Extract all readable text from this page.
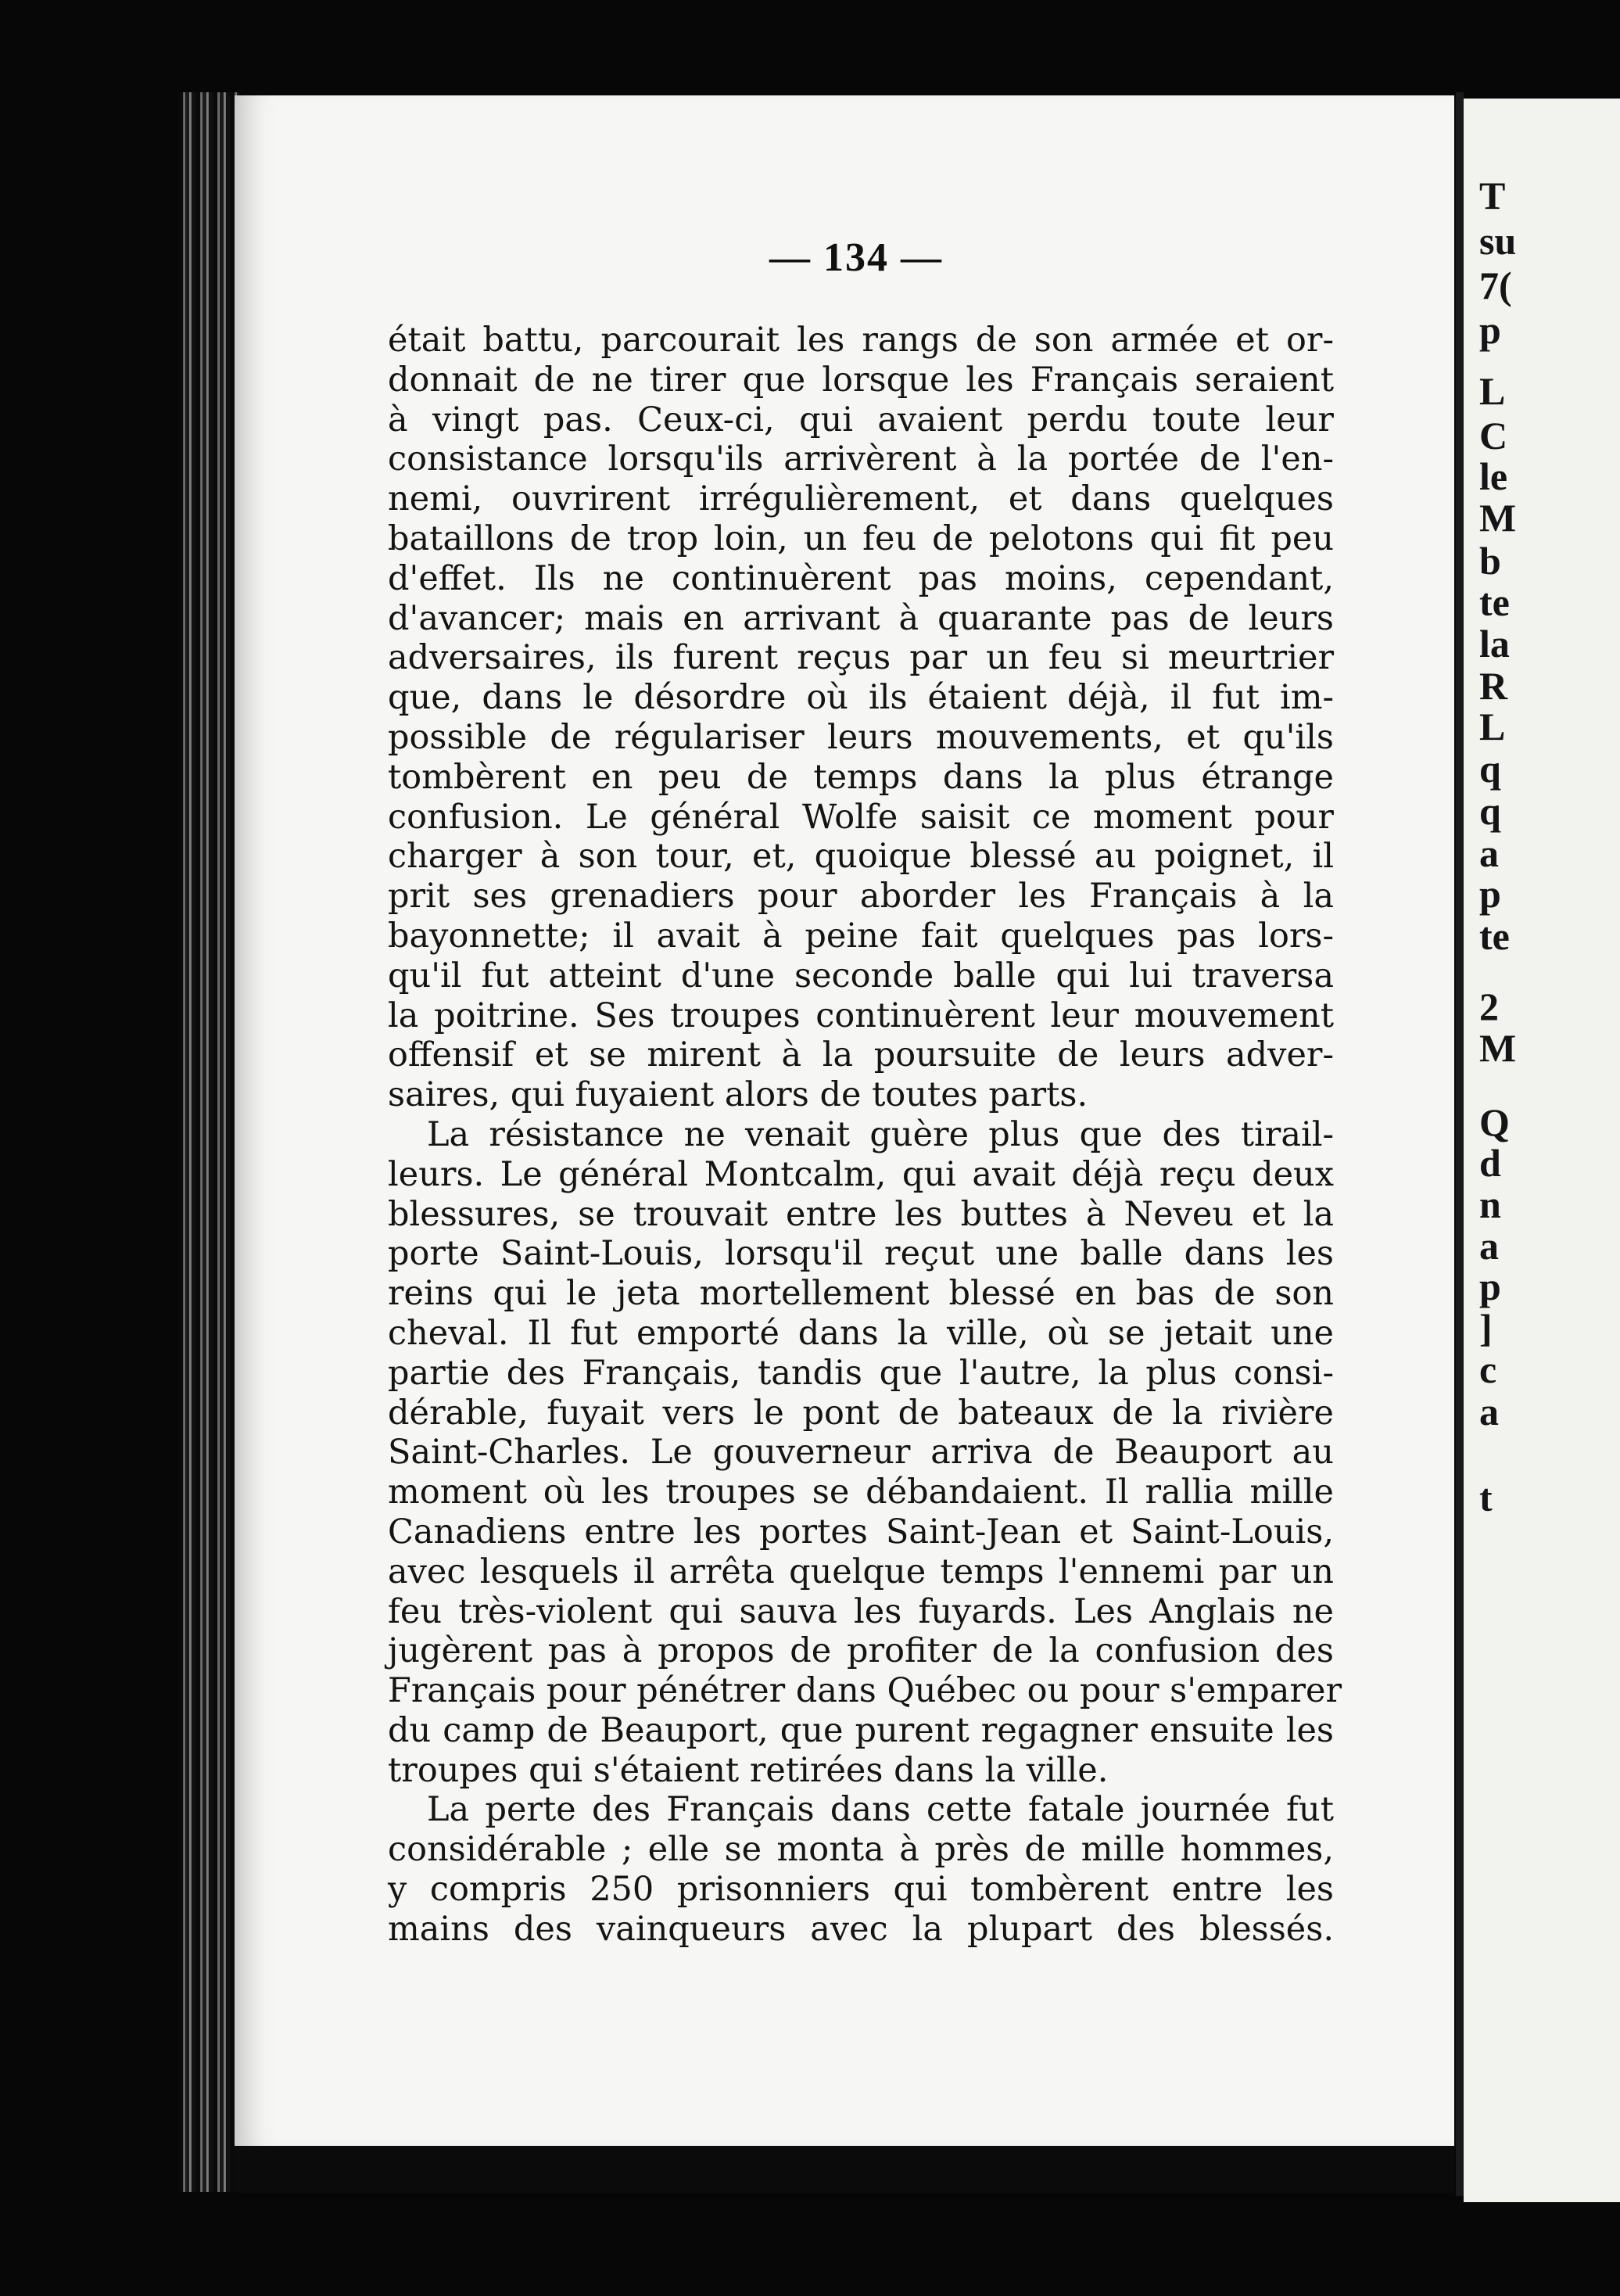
— 134 —
était battu, parcourait les rangs de son armée et or-
donnait de ne tirer que lorsque les Français seraient
à vingt pas. Ceux-ci, qui avaient perdu toute leur
consistance lorsqu'ils arrivèrent à la portée de l'en-
nemi, ouvrirent irrégulièrement, et dans quelques
bataillons de trop loin, un feu de pelotons qui fit peu
d'effet. Ils ne continuèrent pas moins, cependant,
d'avancer; mais en arrivant à quarante pas de leurs
adversaires, ils furent reçus par un feu si meurtrier
que, dans le désordre où ils étaient déjà, il fut im-
possible de régulariser leurs mouvements, et qu'ils
tombèrent en peu de temps dans la plus étrange
confusion. Le général Wolfe saisit ce moment pour
charger à son tour, et, quoique blessé au poignet, il
prit ses grenadiers pour aborder les Français à la
bayonnette; il avait à peine fait quelques pas lors-
qu'il fut atteint d'une seconde balle qui lui traversa
la poitrine. Ses troupes continuèrent leur mouvement
offensif et se mirent à la poursuite de leurs adver-
saires, qui fuyaient alors de toutes parts.
La résistance ne venait guère plus que des tirail-
leurs. Le général Montcalm, qui avait déjà reçu deux
blessures, se trouvait entre les buttes à Neveu et la
porte Saint-Louis, lorsqu'il reçut une balle dans les
reins qui le jeta mortellement blessé en bas de son
cheval. Il fut emporté dans la ville, où se jetait une
partie des Français, tandis que l'autre, la plus consi-
dérable, fuyait vers le pont de bateaux de la rivière
Saint-Charles. Le gouverneur arriva de Beauport au
moment où les troupes se débandaient. Il rallia mille
Canadiens entre les portes Saint-Jean et Saint-Louis,
avec lesquels il arrêta quelque temps l'ennemi par un
feu très-violent qui sauva les fuyards. Les Anglais ne
jugèrent pas à propos de profiter de la confusion des
Français pour pénétrer dans Québec ou pour s'emparer
du camp de Beauport, que purent regagner ensuite les
troupes qui s'étaient retirées dans la ville.
La perte des Français dans cette fatale journée fut
considérable ; elle se monta à près de mille hommes,
y compris 250 prisonniers qui tombèrent entre les
mains des vainqueurs avec la plupart des blessés.
T
su
7(
p
L
C
le
M
b
te
la
R
L
q
q
a
p
te
2
M
Q
d
n
a
p
]
c
a
t
